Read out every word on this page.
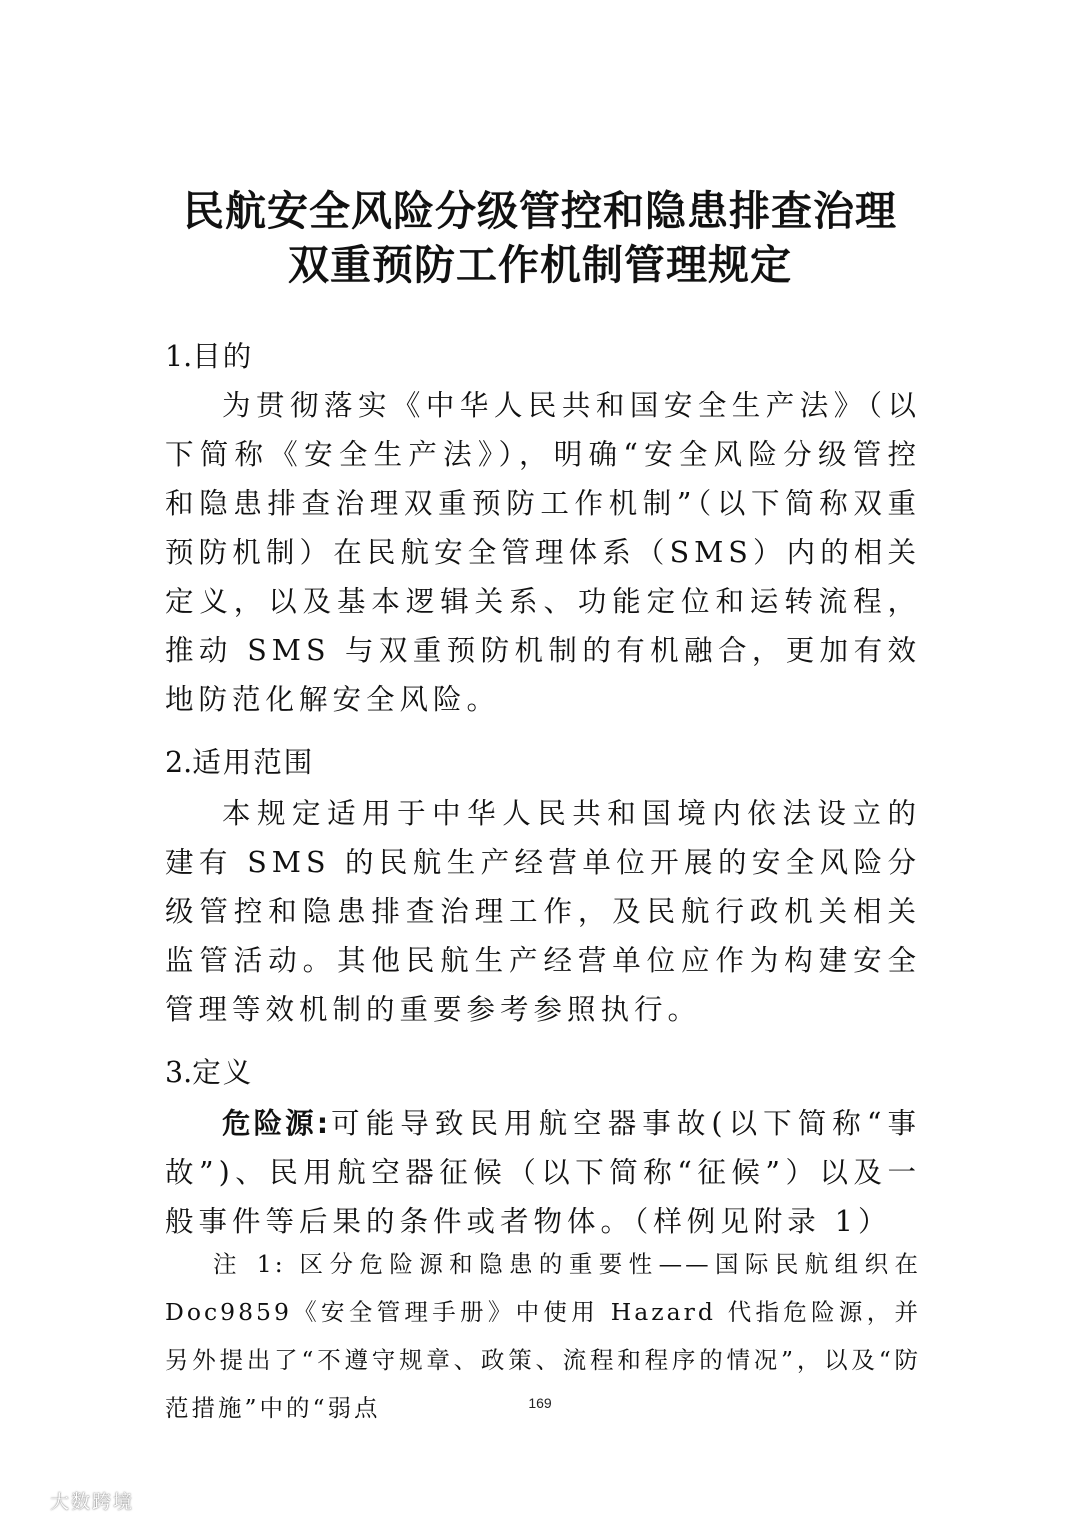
民航安全风险分级管控和隐患排查治理
双重预防工作机制管理规定

1.目的

为贯彻落实《中华人民共和国安全生产法》（以下简称《安全生产法》），明确“安全风险分级管控和隐患排查治理双重预防工作机制”（以下简称双重预防机制）在民航安全管理体系（SMS）内的相关定义，以及基本逻辑关系、功能定位和运转流程，推动 SMS 与双重预防机制的有机融合，更加有效地防范化解安全风险。

2.适用范围

本规定适用于中华人民共和国境内依法设立的建有 SMS 的民航生产经营单位开展的安全风险分级管控和隐患排查治理工作，及民航行政机关相关监管活动。其他民航生产经营单位应作为构建安全管理等效机制的重要参考参照执行。

3.定义

危险源:可能导致民用航空器事故(以下简称“事故”)、民用航空器征候（以下简称“征候”）以及一般事件等后果的条件或者物体。（样例见附录 1）

注 1: 区分危险源和隐患的重要性——国际民航组织在 Doc9859《安全管理手册》中使用 Hazard 代指危险源，并另外提出了“不遵守规章、政策、流程和程序的情况”，以及“防范措施”中的“弱点	169
大数跨境
